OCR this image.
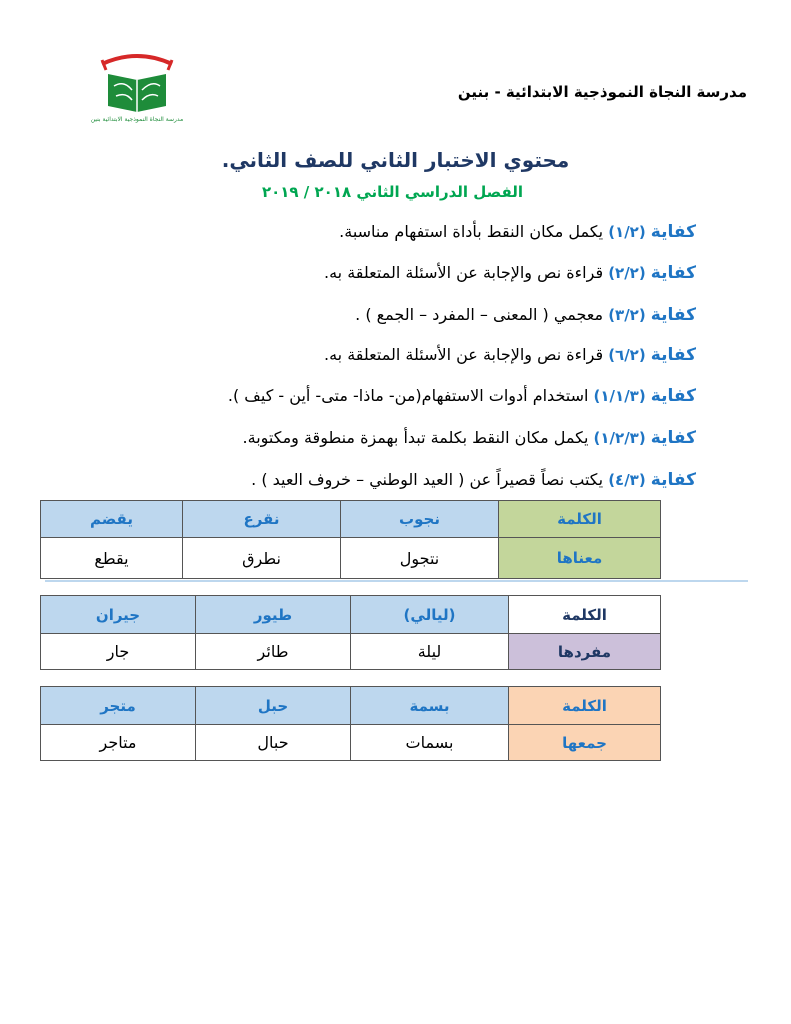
مدرسة النجاة النموذجية الابتدائية بنين
مدرسة النجاة النموذجية الابتدائية - بنين
محتوي الاختبار الثاني للصف الثاني.
الفصل الدراسي الثاني ٢٠١٨ / ٢٠١٩
كفاية (١/٢) يكمل مكان النقط بأداة استفهام مناسبة.
كفاية (٢/٢) قراءة نص والإجابة عن الأسئلة المتعلقة به.
كفاية (٣/٢) معجمي ( المعنى – المفرد – الجمع ) .
كفاية (٦/٢) قراءة نص والإجابة عن الأسئلة المتعلقة به.
كفاية (١/١/٣) استخدام أدوات الاستفهام(من- ماذا- متى- أين - كيف ).
كفاية (١/٢/٣) يكمل مكان النقط بكلمة تبدأ بهمزة منطوقة ومكتوبة.
كفاية (٤/٣) يكتب نصاً قصيراً عن ( العيد الوطني – خروف العيد ) .
يقضم	نقرع	نجوب	الكلمة
يقطع	نطرق	نتجول	معناها
جيران	طيور	(ليالي)	الكلمة
جار	طائر	ليلة	مفردها
متجر	حبل	بسمة	الكلمة
متاجر	حبال	بسمات	جمعها
